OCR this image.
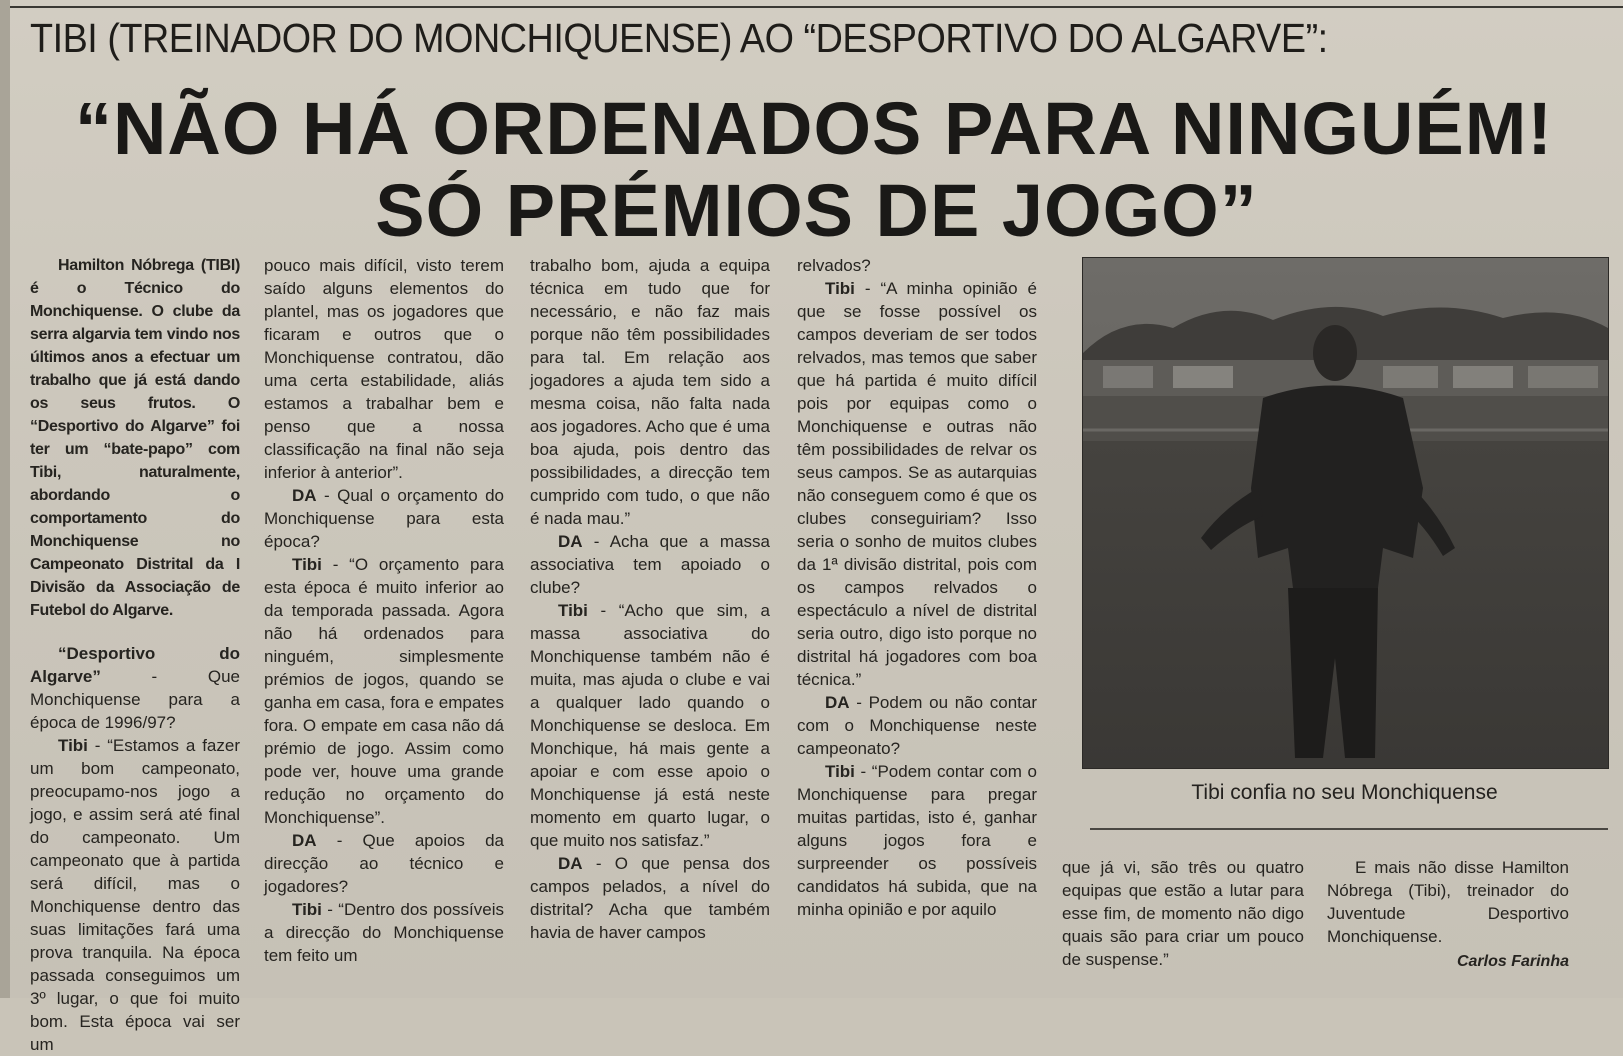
TIBI (TREINADOR DO MONCHIQUENSE) AO “DESPORTIVO DO ALGARVE”:
“NÃO HÁ ORDENADOS PARA NINGUÉM!
SÓ PRÉMIOS DE JOGO”

Hamilton Nóbrega (TIBI) é o Técnico do Monchiquense. O clube da serra algarvia tem vindo nos últimos anos a efectuar um trabalho que já está dando os seus frutos. O “Desportivo do Algarve” foi ter um “bate-papo” com Tibi, naturalmente, abordando o comportamento do Monchiquense no Campeonato Distrital da I Divisão da Associação de Futebol do Algarve.

“Desportivo do Algarve” - Que Monchiquense para a época de 1996/97?

Tibi - “Estamos a fazer um bom campeonato, preocupamo-nos jogo a jogo, e assim será até final do campeonato. Um campeonato que à partida será difícil, mas o Monchiquense dentro das suas limitações fará uma prova tranquila. Na época passada conseguimos um 3º lugar, o que foi muito bom. Esta época vai ser um

pouco mais difícil, visto terem saído alguns elementos do plantel, mas os jogadores que ficaram e outros que o Monchiquense contratou, dão uma certa estabilidade, aliás estamos a trabalhar bem e penso que a nossa classificação na final não seja inferior à anterior”.

DA - Qual o orçamento do Monchiquense para esta época?

Tibi - “O orçamento para esta época é muito inferior ao da temporada passada. Agora não há ordenados para ninguém, simplesmente prémios de jogos, quando se ganha em casa, fora e empates fora. O empate em casa não dá prémio de jogo. Assim como pode ver, houve uma grande redução no orçamento do Monchiquense”.

DA - Que apoios da direcção ao técnico e jogadores?

Tibi - “Dentro dos possíveis a direcção do Monchiquense tem feito um

trabalho bom, ajuda a equipa técnica em tudo que for necessário, e não faz mais porque não têm possibilidades para tal. Em relação aos jogadores a ajuda tem sido a mesma coisa, não falta nada aos jogadores. Acho que é uma boa ajuda, pois dentro das possibilidades, a direcção tem cumprido com tudo, o que não é nada mau.”

DA - Acha que a massa associativa tem apoiado o clube?

Tibi - “Acho que sim, a massa associativa do Monchiquense também não é muita, mas ajuda o clube e vai a qualquer lado quando o Monchiquense se desloca. Em Monchique, há mais gente a apoiar e com esse apoio o Monchiquense já está neste momento em quarto lugar, o que muito nos satisfaz.”

DA - O que pensa dos campos pelados, a nível do distrital? Acha que também havia de haver campos

relvados?

Tibi - “A minha opinião é que se fosse possível os campos deveriam de ser todos relvados, mas temos que saber que há partida é muito difícil pois por equipas como o Monchiquense e outras não têm possibilidades de relvar os seus campos. Se as autarquias não conseguem como é que os clubes conseguiriam? Isso seria o sonho de muitos clubes da 1ª divisão distrital, pois com os campos relvados o espectáculo a nível de distrital seria outro, digo isto porque no distrital há jogadores com boa técnica.”

DA - Podem ou não contar com o Monchiquense neste campeonato?

Tibi - “Podem contar com o Monchiquense para pregar muitas partidas, isto é, ganhar alguns jogos fora e surpreender os possíveis candidatos há subida, que na minha opinião e por aquilo

Tibi confia no seu Monchiquense

que já vi, são três ou quatro equipas que estão a lutar para esse fim, de momento não digo quais são para criar um pouco de suspense.”

E mais não disse Hamilton Nóbrega (Tibi), treinador do Juventude Desportivo Monchiquense.

Carlos Farinha
